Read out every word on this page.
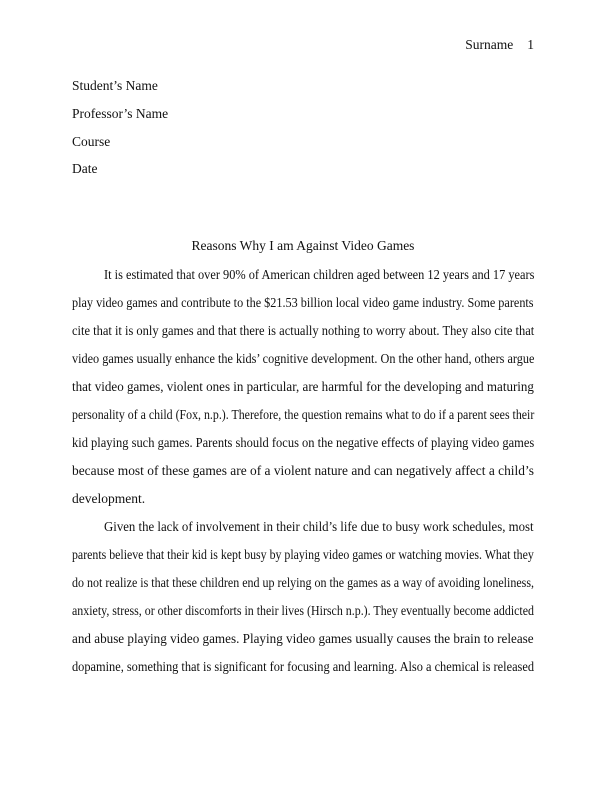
Surname 1
Student’s Name
Professor’s Name
Course
Date
Reasons Why I am Against Video Games
It is estimated that over 90% of American children aged between 12 years and 17 years
play video games and contribute to the $21.53 billion local video game industry. Some parents
cite that it is only games and that there is actually nothing to worry about. They also cite that
video games usually enhance the kids’ cognitive development. On the other hand, others argue
that video games, violent ones in particular, are harmful for the developing and maturing
personality of a child (Fox, n.p.). Therefore, the question remains what to do if a parent sees their
kid playing such games. Parents should focus on the negative effects of playing video games
because most of these games are of a violent nature and can negatively affect a child’s
development.
Given the lack of involvement in their child’s life due to busy work schedules, most
parents believe that their kid is kept busy by playing video games or watching movies. What they
do not realize is that these children end up relying on the games as a way of avoiding loneliness,
anxiety, stress, or other discomforts in their lives (Hirsch n.p.). They eventually become addicted
and abuse playing video games. Playing video games usually causes the brain to release
dopamine, something that is significant for focusing and learning. Also a chemical is released
